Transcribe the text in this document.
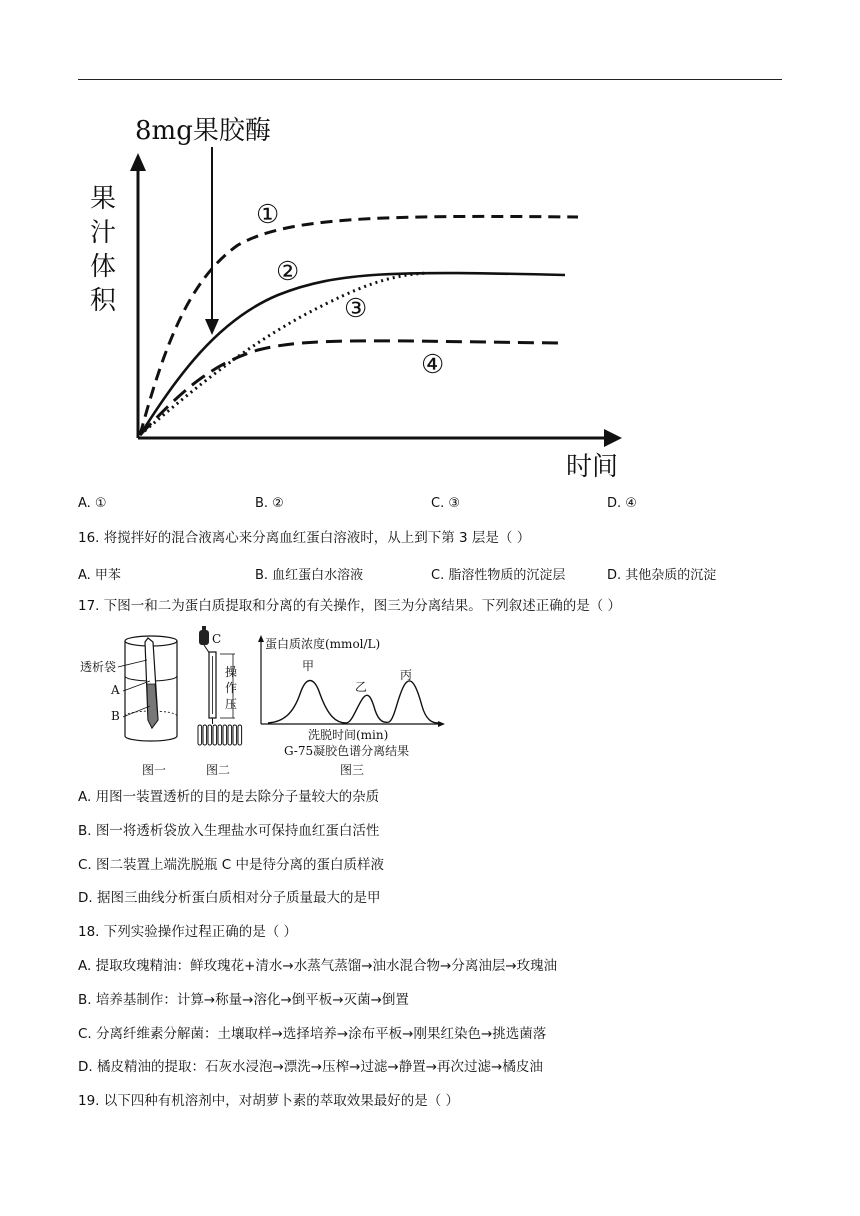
8mg果胶酶
果
汁
体
积
时间
①
②
③
④
A. ①	B. ②	C. ③	D. ④
16. 将搅拌好的混合液离心来分离血红蛋白溶液时，从上到下第 3 层是（ ）
A. 甲苯	B. 血红蛋白水溶液	C. 脂溶性物质的沉淀层	D. 其他杂质的沉淀
17. 下图一和二为蛋白质提取和分离的有关操作，图三为分离结果。下列叙述正确的是（ ）
透析袋
A
B
图一
C
操
作
压
图二
蛋白质浓度(mmol/L)
甲
乙
丙
洗脱时间(min)
G-75凝胶色谱分离结果
图三
A. 用图一装置透析的目的是去除分子量较大的杂质
B. 图一将透析袋放入生理盐水可保持血红蛋白活性
C. 图二装置上端洗脱瓶 C 中是待分离的蛋白质样液
D. 据图三曲线分析蛋白质相对分子质量最大的是甲
18. 下列实验操作过程正确的是（ ）
A. 提取玫瑰精油：鲜玫瑰花+清水→水蒸气蒸馏→油水混合物→分离油层→玫瑰油
B. 培养基制作：计算→称量→溶化→倒平板→灭菌→倒置
C. 分离纤维素分解菌：土壤取样→选择培养→涂布平板→刚果红染色→挑选菌落
D. 橘皮精油的提取：石灰水浸泡→漂洗→压榨→过滤→静置→再次过滤→橘皮油
19. 以下四种有机溶剂中，对胡萝卜素的萃取效果最好的是（ ）
